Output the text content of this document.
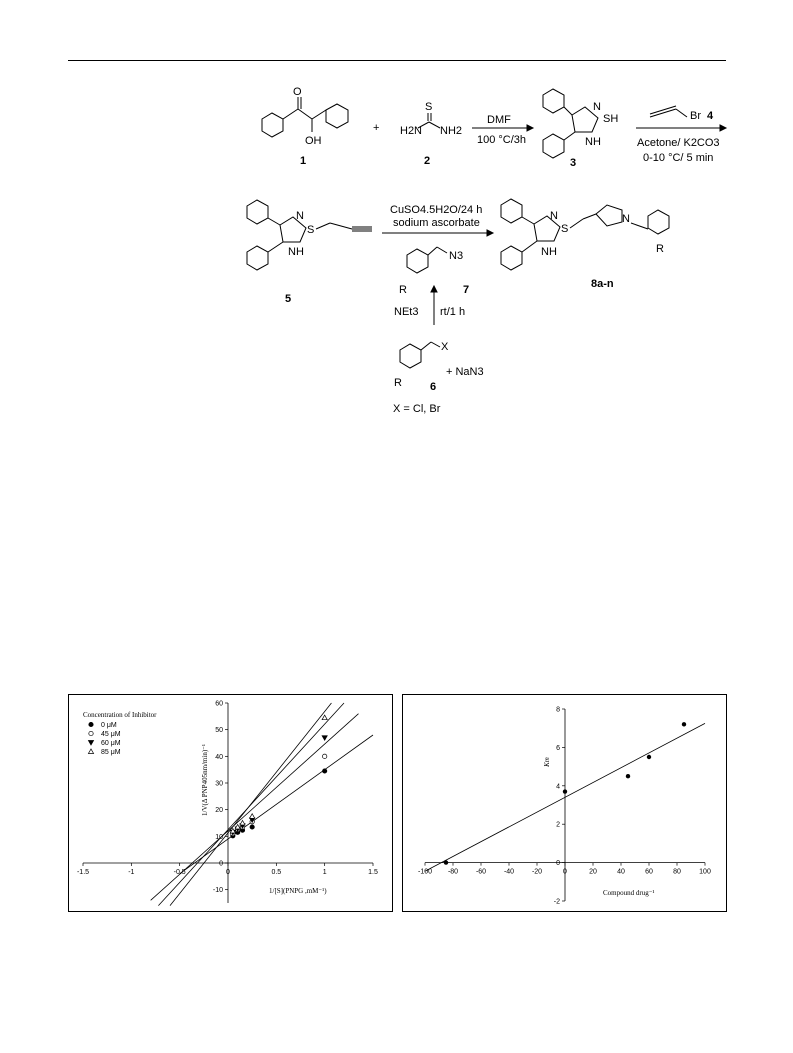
O
OH
S
H2N NH2
N
SH
NH
Br
N
S
NH	N3
R
X
R
N
S
NH
N
R
+
DMF
100 °C/3h	Acetone/ K2CO3
0-10 °C/ 5 min
CuSO4.5H2O/24 h
sodium ascorbate
NEt3 rt/1 h
+ NaN3
X = Cl, Br
1	2	3
4
5
6
7	8a-n
-1.5	-1	-0.5	0	0.5	1	1.5
-10
0
10
20
30
40
50
60
Concentration of Inhibitor
0 μM
45 μM
60 μM
85 μM
1/[S](PNPG ,mM⁻¹)
1/V(Δ PNP405nm/min)⁻¹
-100 -80	-60	-40	-20	0	20	40	60	80	100
-2
0
2
4
6
8
Compound drug⁻¹
Km
